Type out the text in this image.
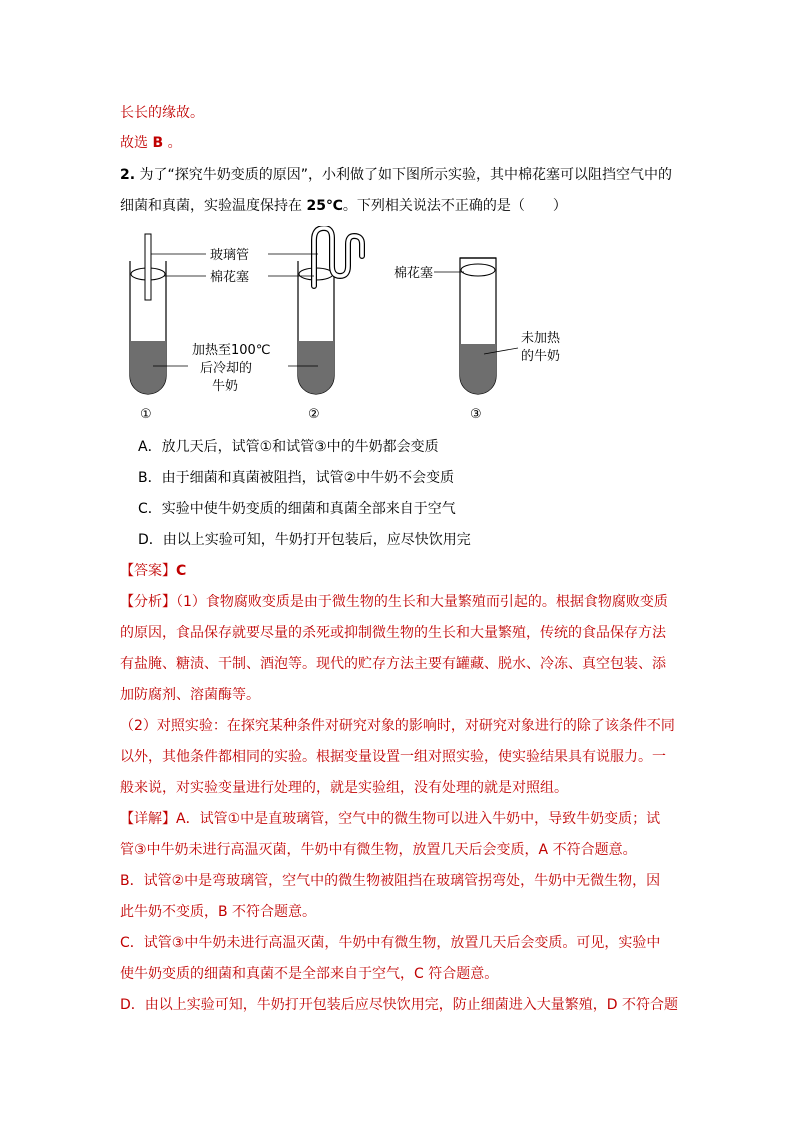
长长的缘故。
故选 B 。
2. 为了“探究牛奶变质的原因”，小利做了如下图所示实验，其中棉花塞可以阻挡空气中的
细菌和真菌，实验温度保持在 25℃。下列相关说法不正确的是（　　）
玻璃管
棉花塞	棉花塞
加热至100℃
后冷却的
牛奶
未加热
的牛奶
①	②	③
A．放几天后，试管①和试管③中的牛奶都会变质
B．由于细菌和真菌被阻挡，试管②中牛奶不会变质
C．实验中使牛奶变质的细菌和真菌全部来自于空气
D．由以上实验可知，牛奶打开包装后，应尽快饮用完
【答案】C
【分析】（1）食物腐败变质是由于微生物的生长和大量繁殖而引起的。根据食物腐败变质
的原因，食品保存就要尽量的杀死或抑制微生物的生长和大量繁殖，传统的食品保存方法
有盐腌、糖渍、干制、酒泡等。现代的贮存方法主要有罐藏、脱水、冷冻、真空包装、添
加防腐剂、溶菌酶等。
（2）对照实验：在探究某种条件对研究对象的影响时，对研究对象进行的除了该条件不同
以外，其他条件都相同的实验。根据变量设置一组对照实验，使实验结果具有说服力。一
般来说，对实验变量进行处理的，就是实验组，没有处理的就是对照组。
【详解】A．试管①中是直玻璃管，空气中的微生物可以进入牛奶中，导致牛奶变质；试
管③中牛奶未进行高温灭菌，牛奶中有微生物，放置几天后会变质，A 不符合题意。
B．试管②中是弯玻璃管，空气中的微生物被阻挡在玻璃管拐弯处，牛奶中无微生物，因
此牛奶不变质，B 不符合题意。
C．试管③中牛奶未进行高温灭菌，牛奶中有微生物，放置几天后会变质。可见，实验中
使牛奶变质的细菌和真菌不是全部来自于空气，C 符合题意。
D．由以上实验可知，牛奶打开包装后应尽快饮用完，防止细菌进入大量繁殖，D 不符合题
